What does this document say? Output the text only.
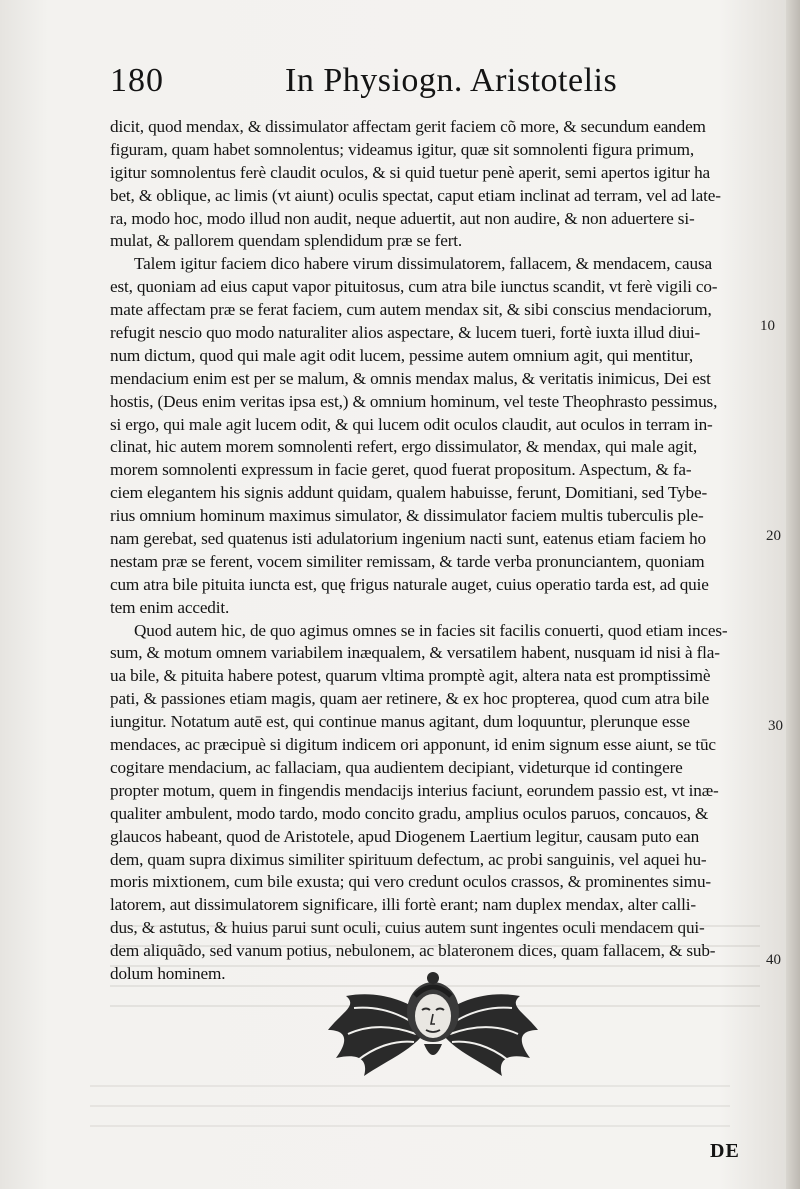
180	In Physiogn. Aristotelis

dicit, quod mendax, & dissimulator affectam gerit faciem cõ more, & secundum eandem
figuram, quam habet somnolentus; videamus igitur, quæ sit somnolenti figura primum,
igitur somnolentus ferè claudit oculos, & si quid tuetur penè aperit, semi apertos igitur ha
bet, & oblique, ac limis (vt aiunt) oculis spectat, caput etiam inclinat ad terram, vel ad late-
ra, modo hoc, modo illud non audit, neque aduertit, aut non audire, & non aduertere si-
mulat, & pallorem quendam splendidum præ se fert.

Talem igitur faciem dico habere virum dissimulatorem, fallacem, & mendacem, causa
est, quoniam ad eius caput vapor pituitosus, cum atra bile iunctus scandit, vt ferè vigili co-
mate affectam præ se ferat faciem, cum autem mendax sit, & sibi conscius mendaciorum,
refugit nescio quo modo naturaliter alios aspectare, & lucem tueri, fortè iuxta illud diui-
num dictum, quod qui male agit odit lucem, pessime autem omnium agit, qui mentitur,
mendacium enim est per se malum, & omnis mendax malus, & veritatis inimicus, Dei est
hostis, (Deus enim veritas ipsa est,) & omnium hominum, vel teste Theophrasto pessimus,
si ergo, qui male agit lucem odit, & qui lucem odit oculos claudit, aut oculos in terram in-
clinat, hic autem morem somnolenti refert, ergo dissimulator, & mendax, qui male agit,
morem somnolenti expressum in facie geret, quod fuerat propositum. Aspectum, & fa-
ciem elegantem his signis addunt quidam, qualem habuisse, ferunt, Domitiani, sed Tybe-
rius omnium hominum maximus simulator, & dissimulator faciem multis tuberculis ple-
nam gerebat, sed quatenus isti adulatorium ingenium nacti sunt, eatenus etiam faciem ho
nestam præ se ferent, vocem similiter remissam, & tarde verba pronunciantem, quoniam
cum atra bile pituita iuncta est, quę frigus naturale auget, cuius operatio tarda est, ad quie
tem enim accedit.

Quod autem hic, de quo agimus omnes se in facies sit facilis conuerti, quod etiam inces-
sum, & motum omnem variabilem inæqualem, & versatilem habent, nusquam id nisi à fla-
ua bile, & pituita habere potest, quarum vltima promptè agit, altera nata est promptissimè
pati, & passiones etiam magis, quam aer retinere, & ex hoc propterea, quod cum atra bile
iungitur. Notatum autē est, qui continue manus agitant, dum loquuntur, plerunque esse
mendaces, ac præcipuè si digitum indicem ori apponunt, id enim signum esse aiunt, se tūc
cogitare mendacium, ac fallaciam, qua audientem decipiant, videturque id contingere
propter motum, quem in fingendis mendacijs interius faciunt, eorundem passio est, vt inæ-
qualiter ambulent, modo tardo, modo concito gradu, amplius oculos paruos, concauos, &
glaucos habeant, quod de Aristotele, apud Diogenem Laertium legitur, causam puto ean
dem, quam supra diximus similiter spirituum defectum, ac probi sanguinis, vel aquei hu-
moris mixtionem, cum bile exusta; qui vero credunt oculos crassos, & prominentes simu-
latorem, aut dissimulatorem significare, illi fortè erant; nam duplex mendax, alter calli-
dus, & astutus, & huius parui sunt oculi, cuius autem sunt ingentes oculi mendacem qui-
dem aliquãdo, sed vanum potius, nebulonem, ac blateronem dices, quam fallacem, & sub-
dolum hominem.

10
20
30
40
DE
